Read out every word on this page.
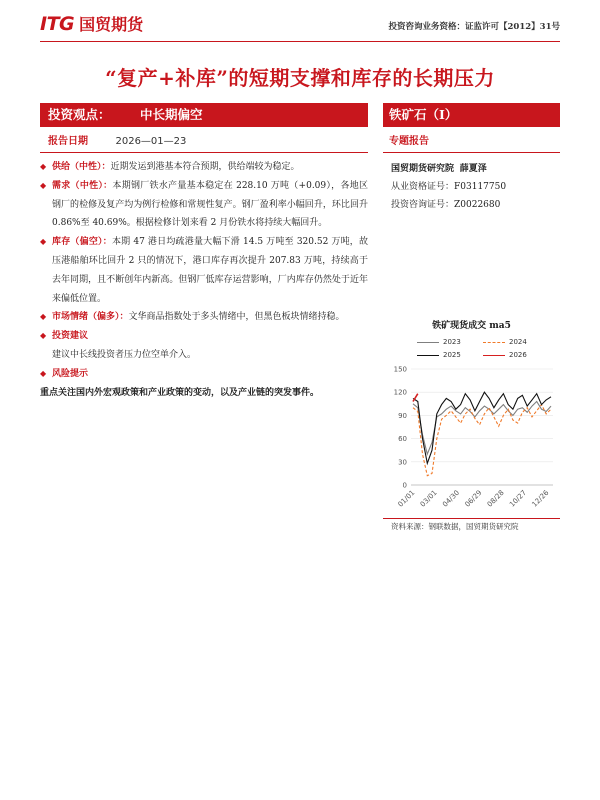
ITG 国贸期货	投资咨询业务资格：证监许可【2012】31号
“复产+补库”的短期支撑和库存的长期压力
投资观点： 中长期偏空	铁矿石（I）
报告日期	2026—01—23	专题报告
◆ 供给（中性）：近期发运到港基本符合预期，供给端较为稳定。
◆ 需求（中性）：本期钢厂铁水产量基本稳定在 228.10 万吨（+0.09），各地区钢厂的检修及复产均为例行检修和常规性复产。钢厂盈利率小幅回升，环比回升 0.86%至 40.69%。根据检修计划来看 2 月份铁水将持续大幅回升。
◆ 库存（偏空）：本期 47 港日均疏港量大幅下滑 14.5 万吨至 320.52 万吨，故压港船舶环比回升 2 只的情况下，港口库存再次提升 207.83 万吨，持续高于去年同期，且不断创年内新高。但钢厂低库存运营影响，厂内库存仍然处于近年来偏低位置。
◆ 市场情绪（偏多）：文华商品指数处于多头情绪中，但黑色板块情绪持稳。
◆ 投资建议
建议中长线投资者压力位空单介入。
◆ 风险提示
重点关注国内外宏观政策和产业政策的变动，以及产业链的突发事件。
国贸期货研究院 薛夏泽
从业资格证号：F03117750
投资咨询证号：Z0022680
铁矿现货成交 ma5
2023	2024
2025	2026
0
30
60
90
120
150
01/01 03/01 04/30 06/29 08/28 10/27 12/26
资料来源：钢联数据，国贸期货研究院
